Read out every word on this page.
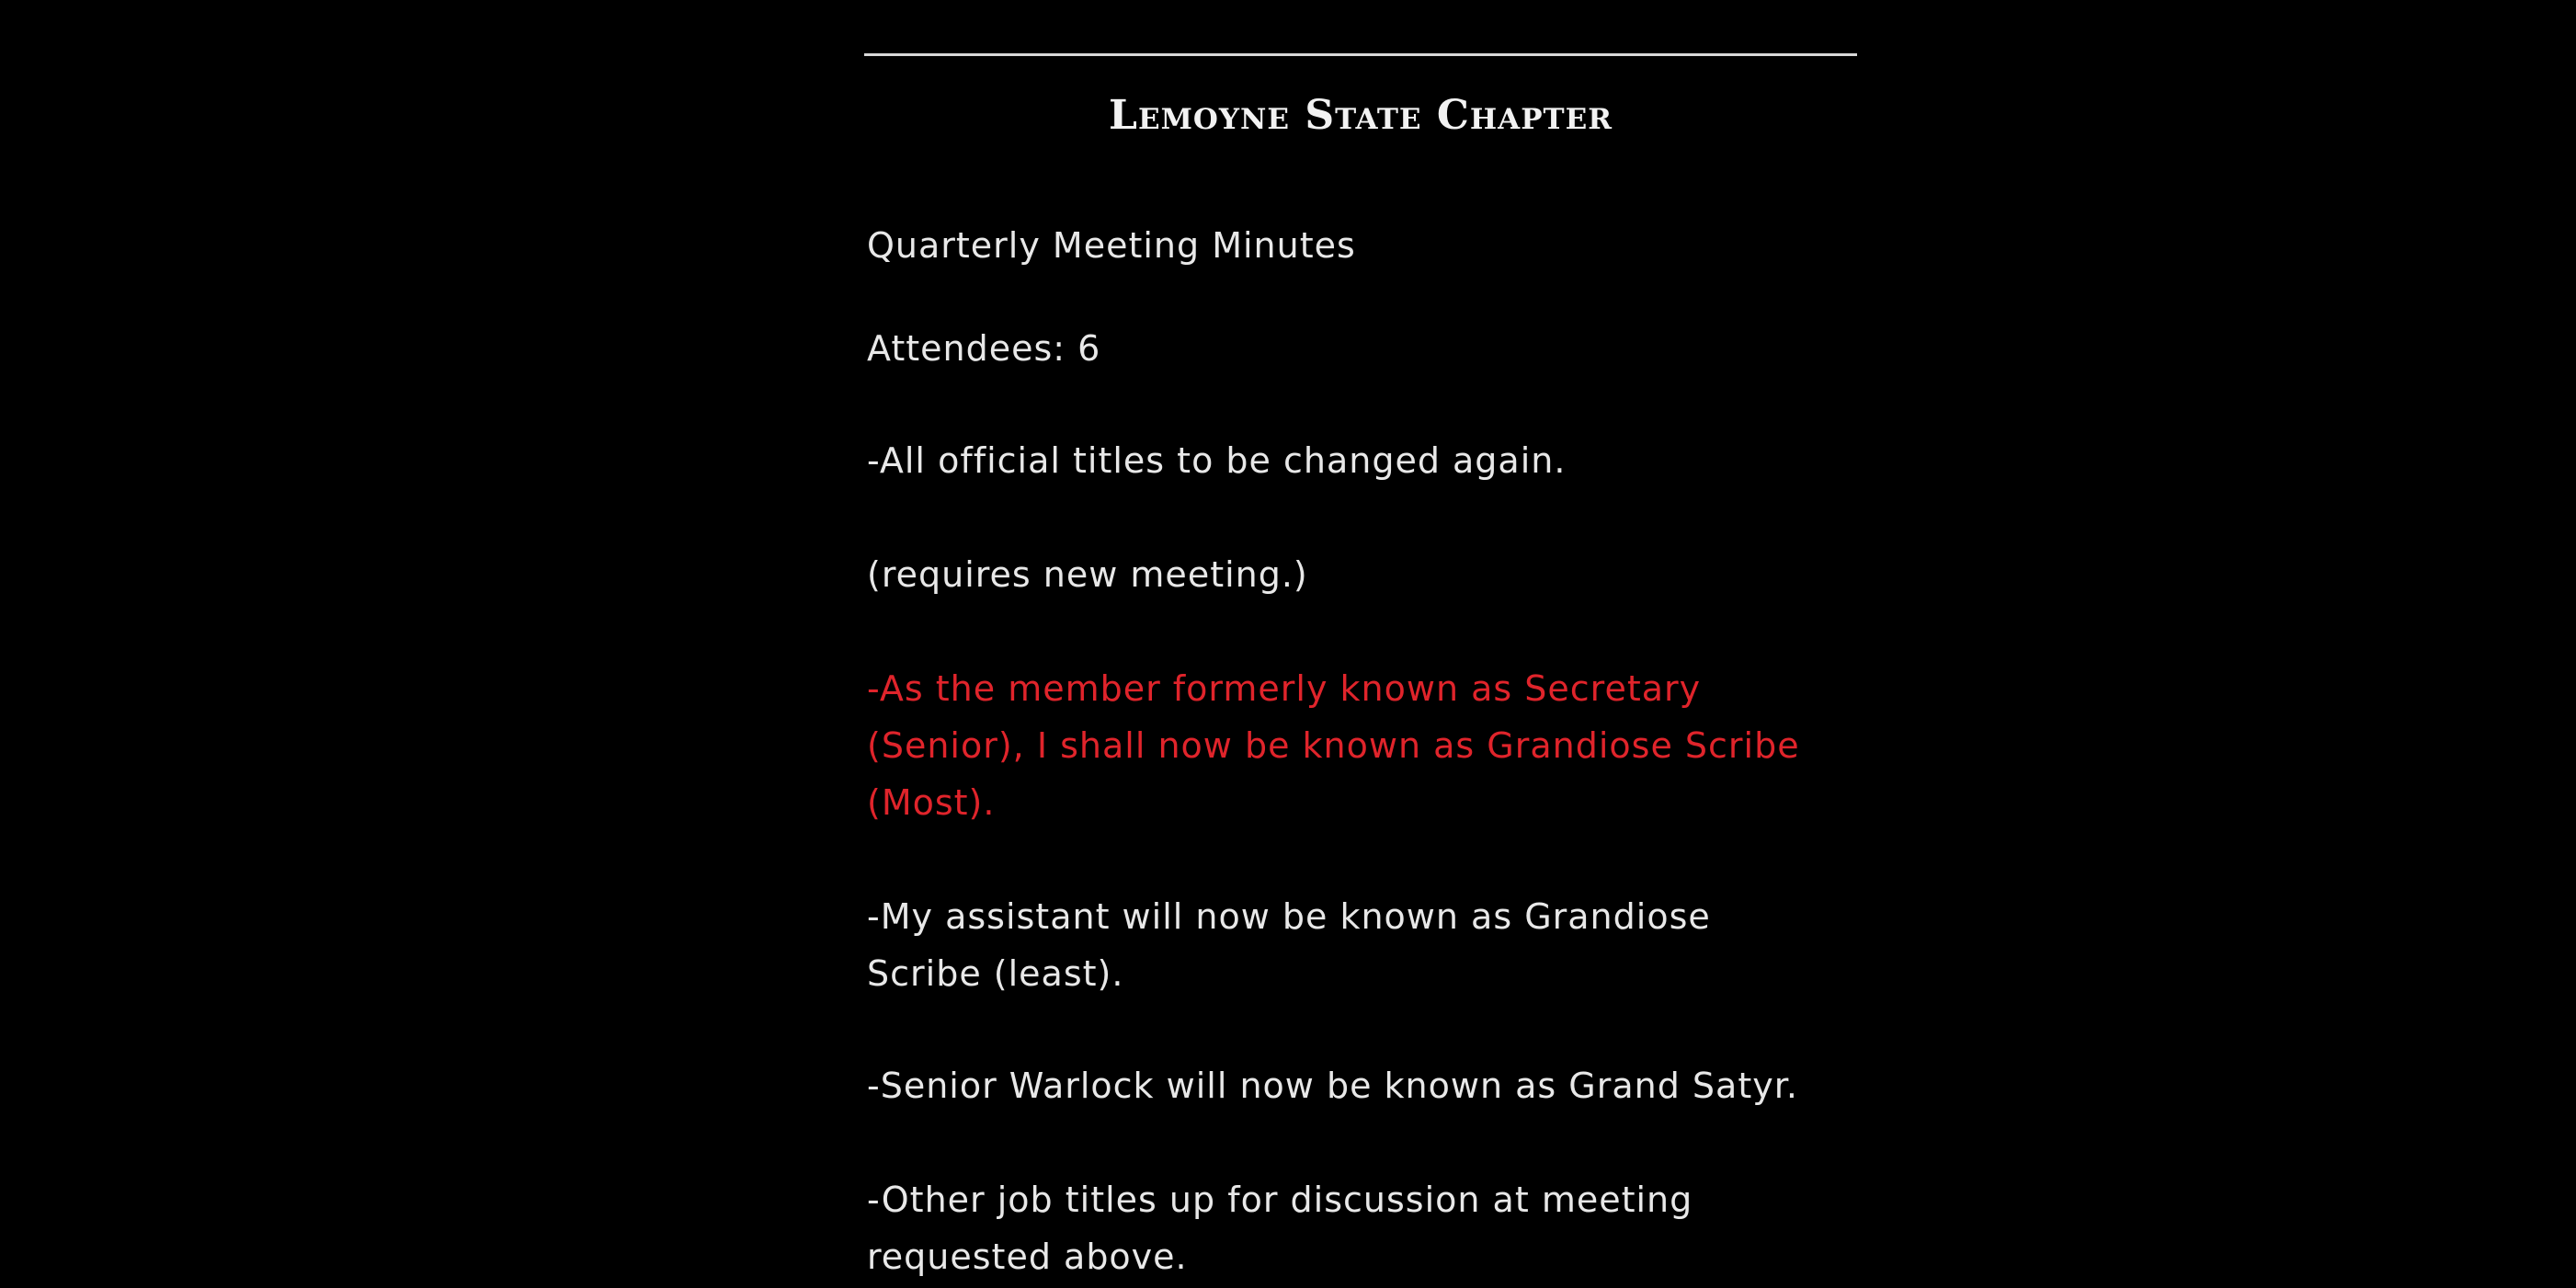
Lemoyne State Chapter
Quarterly Meeting Minutes
Attendees: 6
-All official titles to be changed again.
(requires new meeting.)
-As the member formerly known as Secretary
(Senior), I shall now be known as Grandiose Scribe
(Most).
-My assistant will now be known as Grandiose
Scribe (least).
-Senior Warlock will now be known as Grand Satyr.
-Other job titles up for discussion at meeting
requested above.
